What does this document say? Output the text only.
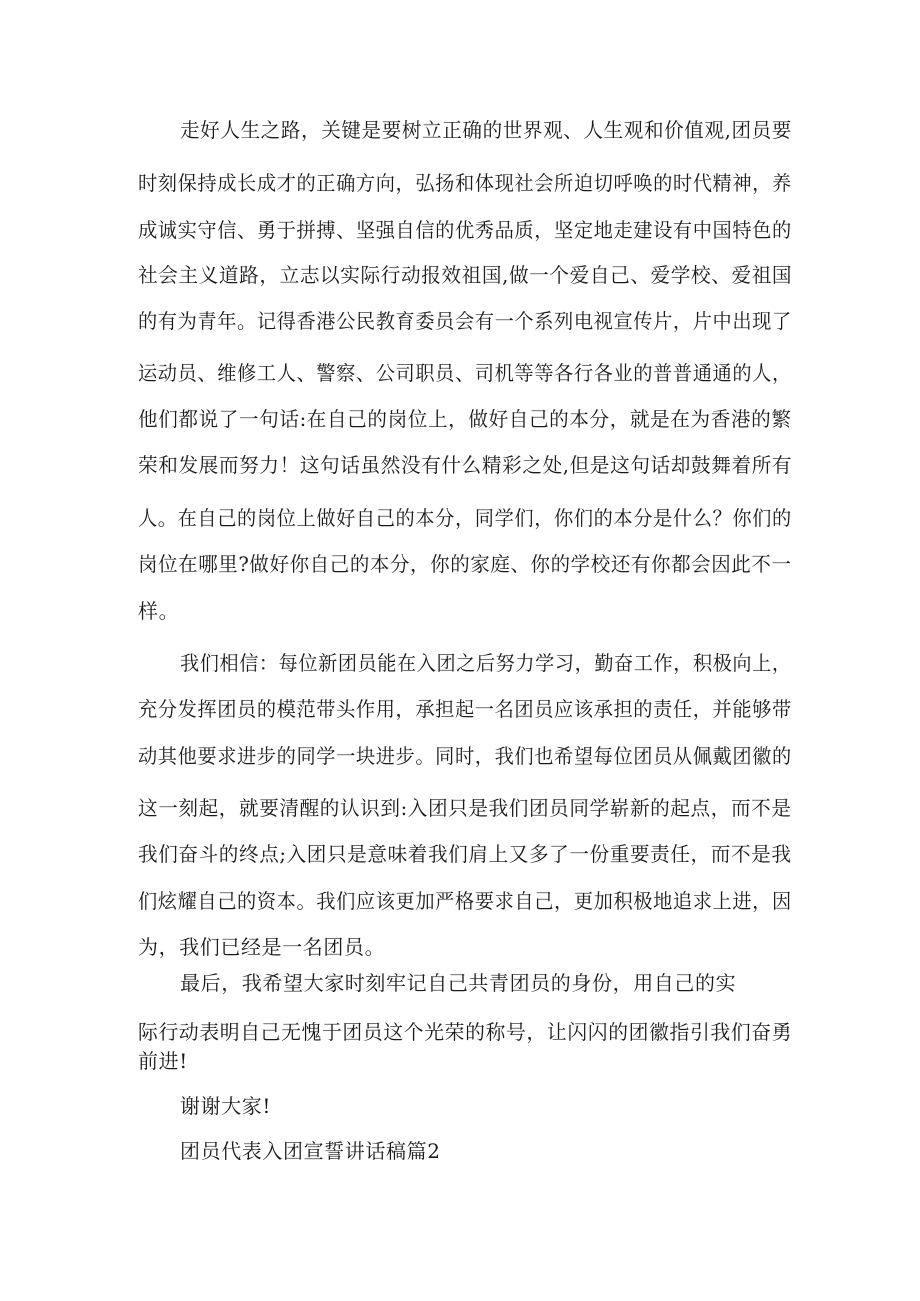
走好人生之路，关键是要树立正确的世界观、人生观和价值观,团员要
时刻保持成长成才的正确方向，弘扬和体现社会所迫切呼唤的时代精神，养
成诚实守信、勇于拼搏、坚强自信的优秀品质，坚定地走建设有中国特色的
社会主义道路，立志以实际行动报效祖国,做一个爱自己、爱学校、爱祖国
的有为青年。记得香港公民教育委员会有一个系列电视宣传片，片中出现了
运动员、维修工人、警察、公司职员、司机等等各行各业的普普通通的人，
他们都说了一句话:在自己的岗位上，做好自己的本分，就是在为香港的繁
荣和发展而努力！这句话虽然没有什么精彩之处,但是这句话却鼓舞着所有
人。在自己的岗位上做好自己的本分，同学们，你们的本分是什么？你们的
岗位在哪里?做好你自己的本分，你的家庭、你的学校还有你都会因此不一
样。
我们相信：每位新团员能在入团之后努力学习，勤奋工作，积极向上，
充分发挥团员的模范带头作用，承担起一名团员应该承担的责任，并能够带
动其他要求进步的同学一块进步。同时，我们也希望每位团员从佩戴团徽的
这一刻起，就要清醒的认识到:入团只是我们团员同学崭新的起点，而不是
我们奋斗的终点;入团只是意味着我们肩上又多了一份重要责任，而不是我
们炫耀自己的资本。我们应该更加严格要求自己，更加积极地追求上进，因
为，我们已经是一名团员。
最后，我希望大家时刻牢记自己共青团员的身份，用自己的实
际行动表明自己无愧于团员这个光荣的称号，让闪闪的团徽指引我们奋勇
前进!
谢谢大家!
团员代表入团宣誓讲话稿篇2
